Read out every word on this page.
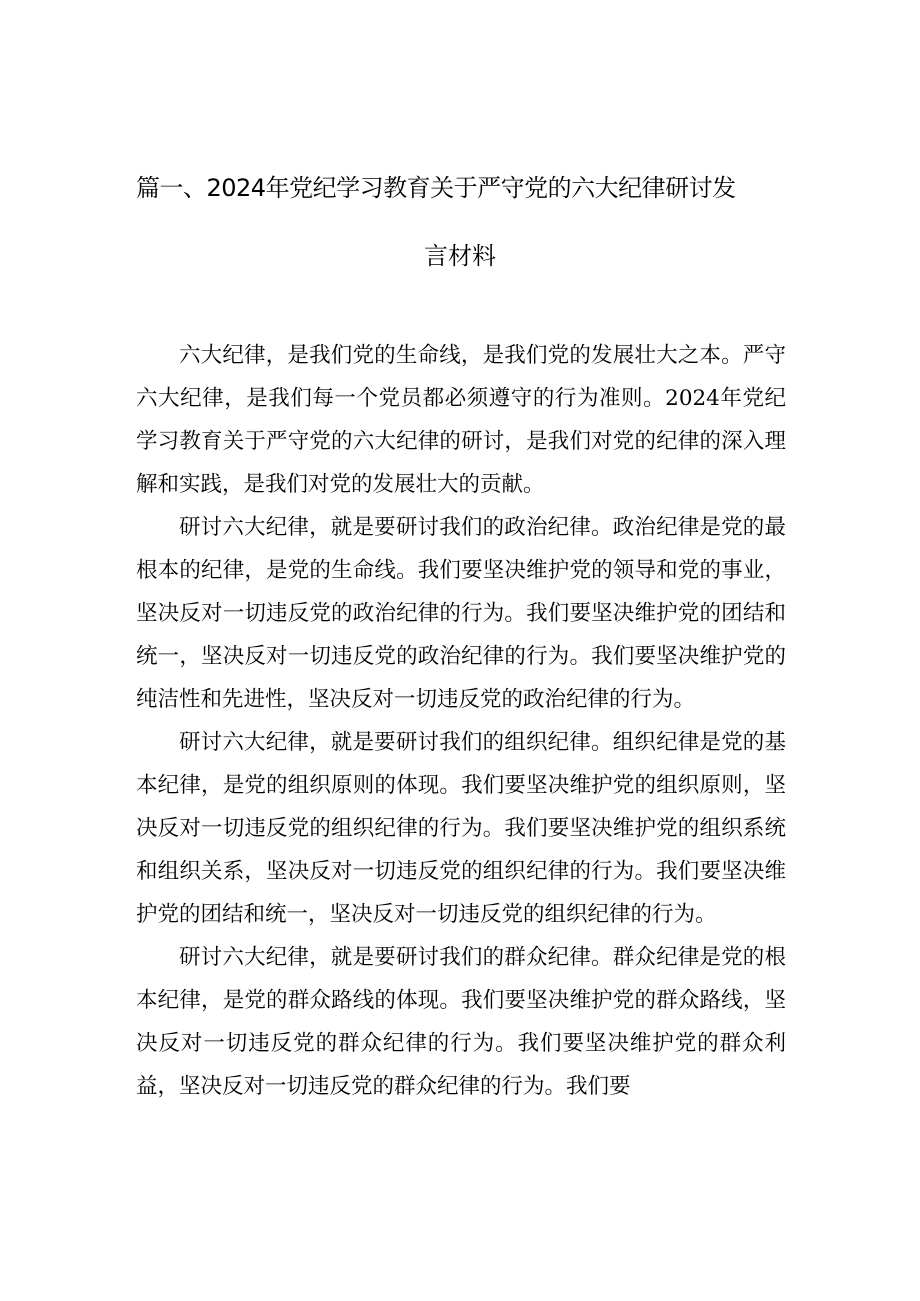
篇一、2024年党纪学习教育关于严守党的六大纪律研讨发
言材料

六大纪律，是我们党的生命线，是我们党的发展壮大之本。严守六大纪律，是我们每一个党员都必须遵守的行为准则。2024年党纪学习教育关于严守党的六大纪律的研讨，是我们对党的纪律的深入理解和实践，是我们对党的发展壮大的贡献。

研讨六大纪律，就是要研讨我们的政治纪律。政治纪律是党的最根本的纪律，是党的生命线。我们要坚决维护党的领导和党的事业，坚决反对一切违反党的政治纪律的行为。我们要坚决维护党的团结和统一，坚决反对一切违反党的政治纪律的行为。我们要坚决维护党的纯洁性和先进性，坚决反对一切违反党的政治纪律的行为。

研讨六大纪律，就是要研讨我们的组织纪律。组织纪律是党的基本纪律，是党的组织原则的体现。我们要坚决维护党的组织原则，坚决反对一切违反党的组织纪律的行为。我们要坚决维护党的组织系统和组织关系，坚决反对一切违反党的组织纪律的行为。我们要坚决维护党的团结和统一，坚决反对一切违反党的组织纪律的行为。

研讨六大纪律，就是要研讨我们的群众纪律。群众纪律是党的根本纪律，是党的群众路线的体现。我们要坚决维护党的群众路线，坚决反对一切违反党的群众纪律的行为。我们要坚决维护党的群众利益，坚决反对一切违反党的群众纪律的行为。我们要
